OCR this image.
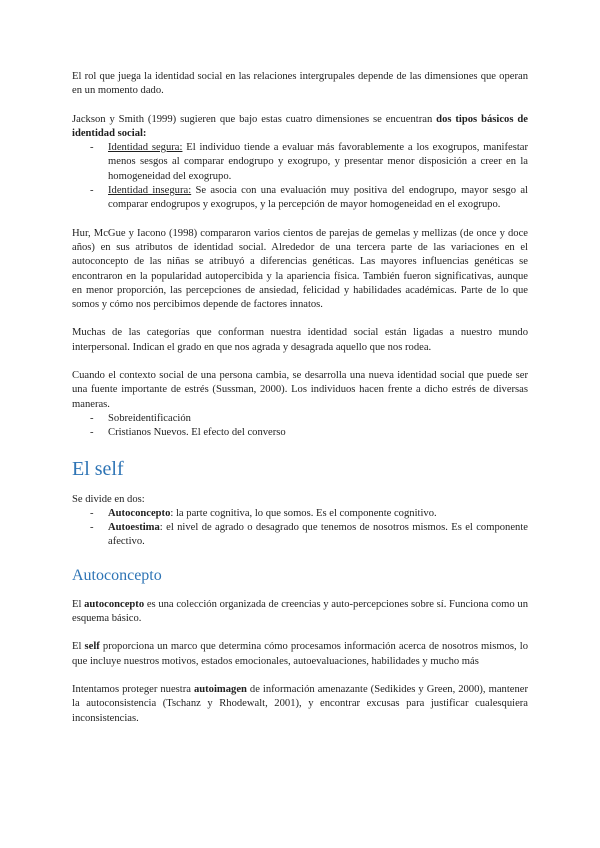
El rol que juega la identidad social en las relaciones intergrupales depende de las dimensiones que operan en un momento dado.

Jackson y Smith (1999) sugieren que bajo estas cuatro dimensiones se encuentran dos tipos básicos de identidad social:

- Identidad segura: El individuo tiende a evaluar más favorablemente a los exogrupos, manifestar menos sesgos al comparar endogrupo y exogrupo, y presentar menor disposición a creer en la homogeneidad del exogrupo.
- Identidad insegura: Se asocia con una evaluación muy positiva del endogrupo, mayor sesgo al comparar endogrupos y exogrupos, y la percepción de mayor homogeneidad en el exogrupo.

Hur, McGue y Iacono (1998) compararon varios cientos de parejas de gemelas y mellizas (de once y doce años) en sus atributos de identidad social. Alrededor de una tercera parte de las variaciones en el autoconcepto de las niñas se atribuyó a diferencias genéticas. Las mayores influencias genéticas se encontraron en la popularidad autopercibida y la apariencia física. También fueron significativas, aunque en menor proporción, las percepciones de ansiedad, felicidad y habilidades académicas. Parte de lo que somos y cómo nos percibimos depende de factores innatos.

Muchas de las categorías que conforman nuestra identidad social están ligadas a nuestro mundo interpersonal. Indican el grado en que nos agrada y desagrada aquello que nos rodea.

Cuando el contexto social de una persona cambia, se desarrolla una nueva identidad social que puede ser una fuente importante de estrés (Sussman, 2000). Los individuos hacen frente a dicho estrés de diversas maneras.

- Sobreidentificación
- Cristianos Nuevos. El efecto del converso
El self

Se divide en dos:

- Autoconcepto: la parte cognitiva, lo que somos. Es el componente cognitivo.
- Autoestima: el nivel de agrado o desagrado que tenemos de nosotros mismos. Es el componente afectivo.
Autoconcepto

El autoconcepto es una colección organizada de creencias y auto-percepciones sobre sí. Funciona como un esquema básico.

El self proporciona un marco que determina cómo procesamos información acerca de nosotros mismos, lo que incluye nuestros motivos, estados emocionales, autoevaluaciones, habilidades y mucho más

Intentamos proteger nuestra autoimagen de información amenazante (Sedikides y Green, 2000), mantener la autoconsistencia (Tschanz y Rhodewalt, 2001), y encontrar excusas para justificar cualesquiera inconsistencias.
